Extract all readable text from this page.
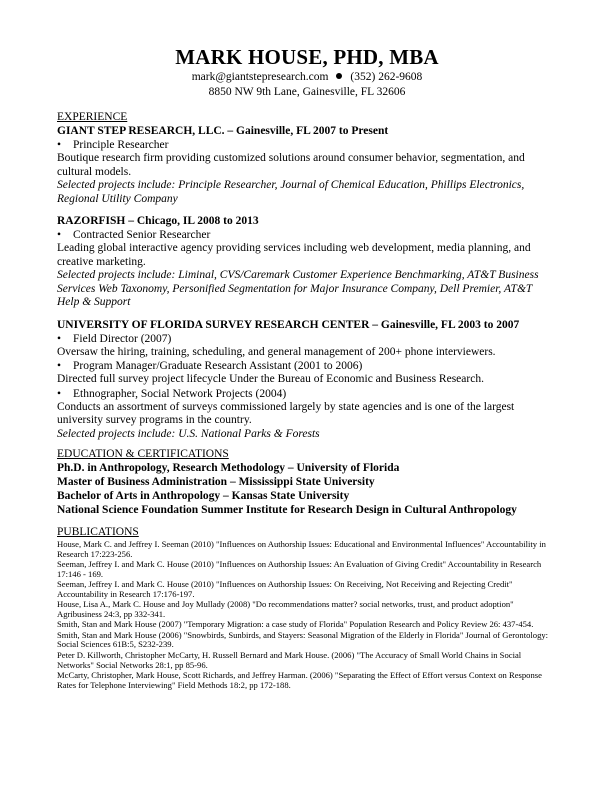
MARK HOUSE, PHD, MBA
mark@giantstepresearch.com (352) 262-9608
8850 NW 9th Lane, Gainesville, FL 32606
EXPERIENCE
GIANT STEP RESEARCH, LLC. – Gainesville, FL 2007 to Present
• Principle Researcher
Boutique research firm providing customized solutions around consumer behavior, segmentation, and cultural models.
Selected projects include: Principle Researcher, Journal of Chemical Education, Phillips Electronics, Regional Utility Company
RAZORFISH – Chicago, IL 2008 to 2013
• Contracted Senior Researcher
Leading global interactive agency providing services including web development, media planning, and creative marketing.
Selected projects include: Liminal, CVS/Caremark Customer Experience Benchmarking, AT&T Business Services Web Taxonomy, Personified Segmentation for Major Insurance Company, Dell Premier, AT&T Help & Support
UNIVERSITY OF FLORIDA SURVEY RESEARCH CENTER – Gainesville, FL 2003 to 2007
• Field Director (2007)
Oversaw the hiring, training, scheduling, and general management of 200+ phone interviewers.
• Program Manager/Graduate Research Assistant (2001 to 2006)
Directed full survey project lifecycle Under the Bureau of Economic and Business Research.
• Ethnographer, Social Network Projects (2004)
Conducts an assortment of surveys commissioned largely by state agencies and is one of the largest university survey programs in the country.
Selected projects include: U.S. National Parks & Forests
EDUCATION & CERTIFICATIONS
Ph.D. in Anthropology, Research Methodology – University of Florida
Master of Business Administration – Mississippi State University
Bachelor of Arts in Anthropology – Kansas State University
National Science Foundation Summer Institute for Research Design in Cultural Anthropology
PUBLICATIONS
House, Mark C. and Jeffrey I. Seeman (2010) "Influences on Authorship Issues: Educational and Environmental Influences" Accountability in Research 17:223-256.
Seeman, Jeffrey I. and Mark C. House (2010) "Influences on Authorship Issues: An Evaluation of Giving Credit" Accountability in Research 17:146 - 169.
Seeman, Jeffrey I. and Mark C. House (2010) "Influences on Authorship Issues: On Receiving, Not Receiving and Rejecting Credit" Accountability in Research 17:176-197.
House, Lisa A., Mark C. House and Joy Mullady (2008) "Do recommendations matter? social networks, trust, and product adoption" Agribusiness 24:3, pp 332-341.
Smith, Stan and Mark House (2007) "Temporary Migration: a case study of Florida" Population Research and Policy Review 26: 437-454.
Smith, Stan and Mark House (2006) "Snowbirds, Sunbirds, and Stayers: Seasonal Migration of the Elderly in Florida" Journal of Gerontology: Social Sciences 61B:5, S232-239.
Peter D. Killworth, Christopher McCarty, H. Russell Bernard and Mark House. (2006) "The Accuracy of Small World Chains in Social Networks" Social Networks 28:1, pp 85-96.
McCarty, Christopher, Mark House, Scott Richards, and Jeffrey Harman. (2006) "Separating the Effect of Effort versus Context on Response Rates for Telephone Interviewing" Field Methods 18:2, pp 172-188.
